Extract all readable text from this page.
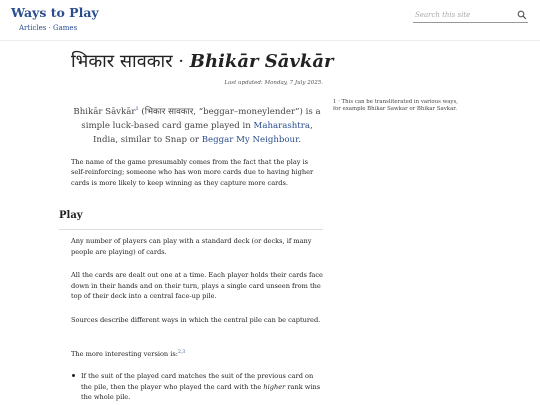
Ways to Play
Articles · Games
Search this site
भिकार सावकार · Bhikār Sāvkār
Last updated: Monday, 7 July 2025.

Bhikār Sāvkār$^1$ (भिकार सावकार, “beggar–moneylender”) is a simple luck-based card game played in Maharashtra, India, similar to Snap or Beggar My Neighbour.

The name of the game presumably comes from the fact that the play is self-reinforcing; someone who has won more cards due to having higher cards is more likely to keep winning as they capture more cards.

1 · This can be transliterated in various ways, for example Bhikar Sawkar or Bhikar Savkar.
Play

Any number of players can play with a standard deck (or decks, if many people are playing) of cards.

All the cards are dealt out one at a time. Each player holds their cards face down in their hands and on their turn, plays a single card unseen from the top of their deck into a central face-up pile.

Sources describe different ways in which the central pile can be captured.

The more interesting version is:$^{2,3}$

If the suit of the played card matches the suit of the previous card on the pile, then the player who played the card with the higher rank wins the whole pile.
